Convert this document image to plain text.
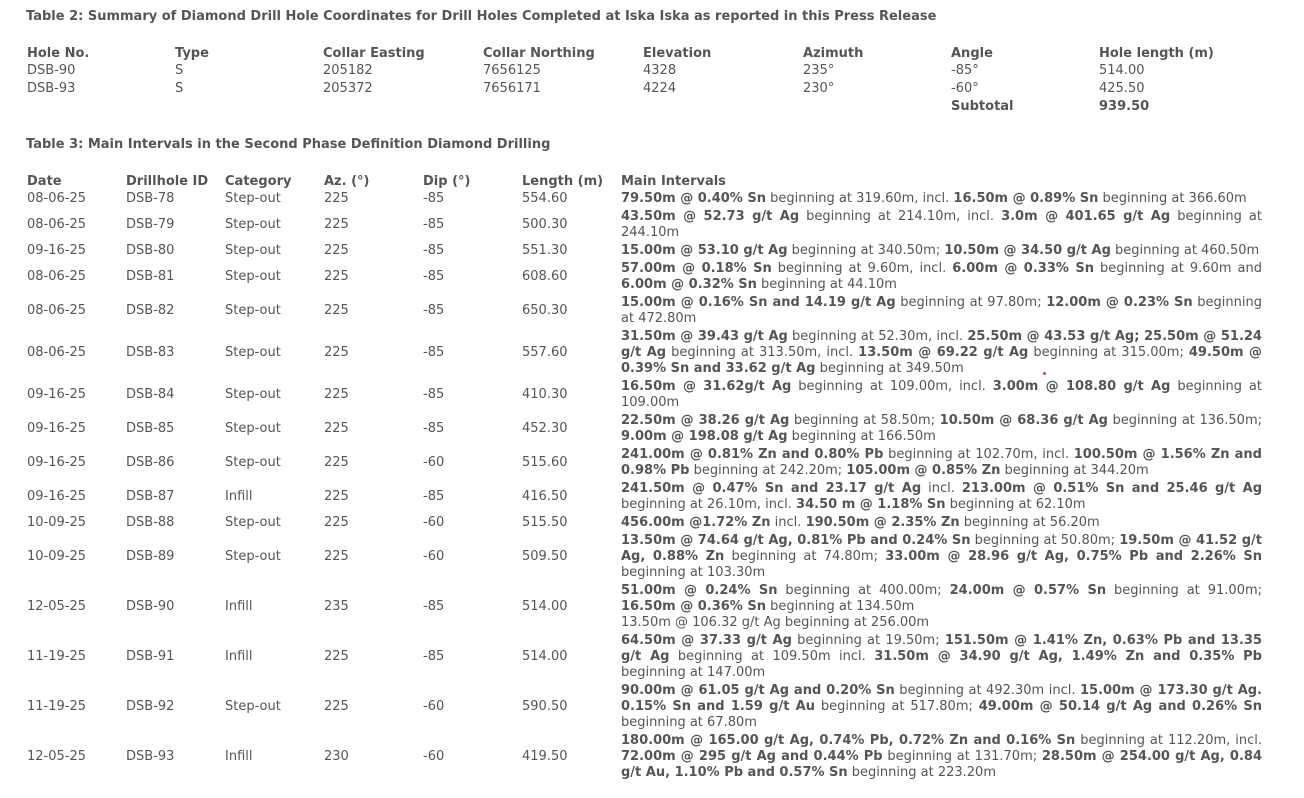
Table 2: Summary of Diamond Drill Hole Coordinates for Drill Holes Completed at Iska Iska as reported in this Press Release
Hole No.	Type	Collar Easting	Collar Northing	Elevation	Azimuth	Angle	Hole length (m)
DSB-90	S	205182	7656125	4328	235°	-85°	514.00
DSB-93	S	205372	7656171	4224	230°	-60°	425.50
						Subtotal	939.50
Table 3: Main Intervals in the Second Phase Definition Diamond Drilling
Date	Drillhole ID	Category	Az. (°)	Dip (°)	Length (m)	Main Intervals
08-06-25	DSB-78	Step-out	225	-85	554.60	79.50m @ 0.40% Sn beginning at 319.60m, incl. 16.50m @ 0.89% Sn beginning at 366.60m
08-06-25	DSB-79	Step-out	225	-85	500.30	43.50m @ 52.73 g/t Ag beginning at 214.10m, incl. 3.0m @ 401.65 g/t Ag beginning at 244.10m
09-16-25	DSB-80	Step-out	225	-85	551.30	15.00m @ 53.10 g/t Ag beginning at 340.50m; 10.50m @ 34.50 g/t Ag beginning at 460.50m
08-06-25	DSB-81	Step-out	225	-85	608.60	57.00m @ 0.18% Sn beginning at 9.60m, incl. 6.00m @ 0.33% Sn beginning at 9.60m and 6.00m @ 0.32% Sn beginning at 44.10m
08-06-25	DSB-82	Step-out	225	-85	650.30	15.00m @ 0.16% Sn and 14.19 g/t Ag beginning at 97.80m; 12.00m @ 0.23% Sn beginning at 472.80m
08-06-25	DSB-83	Step-out	225	-85	557.60	31.50m @ 39.43 g/t Ag beginning at 52.30m, incl. 25.50m @ 43.53 g/t Ag; 25.50m @ 51.24 g/t Ag beginning at 313.50m, incl. 13.50m @ 69.22 g/t Ag beginning at 315.00m; 49.50m @ 0.39% Sn and 33.62 g/t Ag beginning at 349.50m
09-16-25	DSB-84	Step-out	225	-85	410.30	16.50m @ 31.62g/t Ag beginning at 109.00m, incl. 3.00m @ 108.80 g/t Ag beginning at 109.00m
09-16-25	DSB-85	Step-out	225	-85	452.30	22.50m @ 38.26 g/t Ag beginning at 58.50m; 10.50m @ 68.36 g/t Ag beginning at 136.50m; 9.00m @ 198.08 g/t Ag beginning at 166.50m
09-16-25	DSB-86	Step-out	225	-60	515.60	241.00m @ 0.81% Zn and 0.80% Pb beginning at 102.70m, incl. 100.50m @ 1.56% Zn and 0.98% Pb beginning at 242.20m; 105.00m @ 0.85% Zn beginning at 344.20m
09-16-25	DSB-87	Infill	225	-85	416.50	241.50m @ 0.47% Sn and 23.17 g/t Ag incl. 213.00m @ 0.51% Sn and 25.46 g/t Ag beginning at 26.10m, incl. 34.50 m @ 1.18% Sn beginning at 62.10m
10-09-25	DSB-88	Step-out	225	-60	515.50	456.00m @1.72% Zn incl. 190.50m @ 2.35% Zn beginning at 56.20m
10-09-25	DSB-89	Step-out	225	-60	509.50	13.50m @ 74.64 g/t Ag, 0.81% Pb and 0.24% Sn beginning at 50.80m; 19.50m @ 41.52 g/t Ag, 0.88% Zn beginning at 74.80m; 33.00m @ 28.96 g/t Ag, 0.75% Pb and 2.26% Sn beginning at 103.30m
12-05-25	DSB-90	Infill	235	-85	514.00	51.00m @ 0.24% Sn beginning at 400.00m; 24.00m @ 0.57% Sn beginning at 91.00m; 16.50m @ 0.36% Sn beginning at 134.50m
13.50m @ 106.32 g/t Ag beginning at 256.00m
11-19-25	DSB-91	Infill	225	-85	514.00	64.50m @ 37.33 g/t Ag beginning at 19.50m; 151.50m @ 1.41% Zn, 0.63% Pb and 13.35 g/t Ag beginning at 109.50m incl. 31.50m @ 34.90 g/t Ag, 1.49% Zn and 0.35% Pb beginning at 147.00m
11-19-25	DSB-92	Step-out	225	-60	590.50	90.00m @ 61.05 g/t Ag and 0.20% Sn beginning at 492.30m incl. 15.00m @ 173.30 g/t Ag. 0.15% Sn and 1.59 g/t Au beginning at 517.80m; 49.00m @ 50.14 g/t Ag and 0.26% Sn beginning at 67.80m
12-05-25	DSB-93	Infill	230	-60	419.50	180.00m @ 165.00 g/t Ag, 0.74% Pb, 0.72% Zn and 0.16% Sn beginning at 112.20m, incl. 72.00m @ 295 g/t Ag and 0.44% Pb beginning at 131.70m; 28.50m @ 254.00 g/t Ag, 0.84 g/t Au, 1.10% Pb and 0.57% Sn beginning at 223.20m
